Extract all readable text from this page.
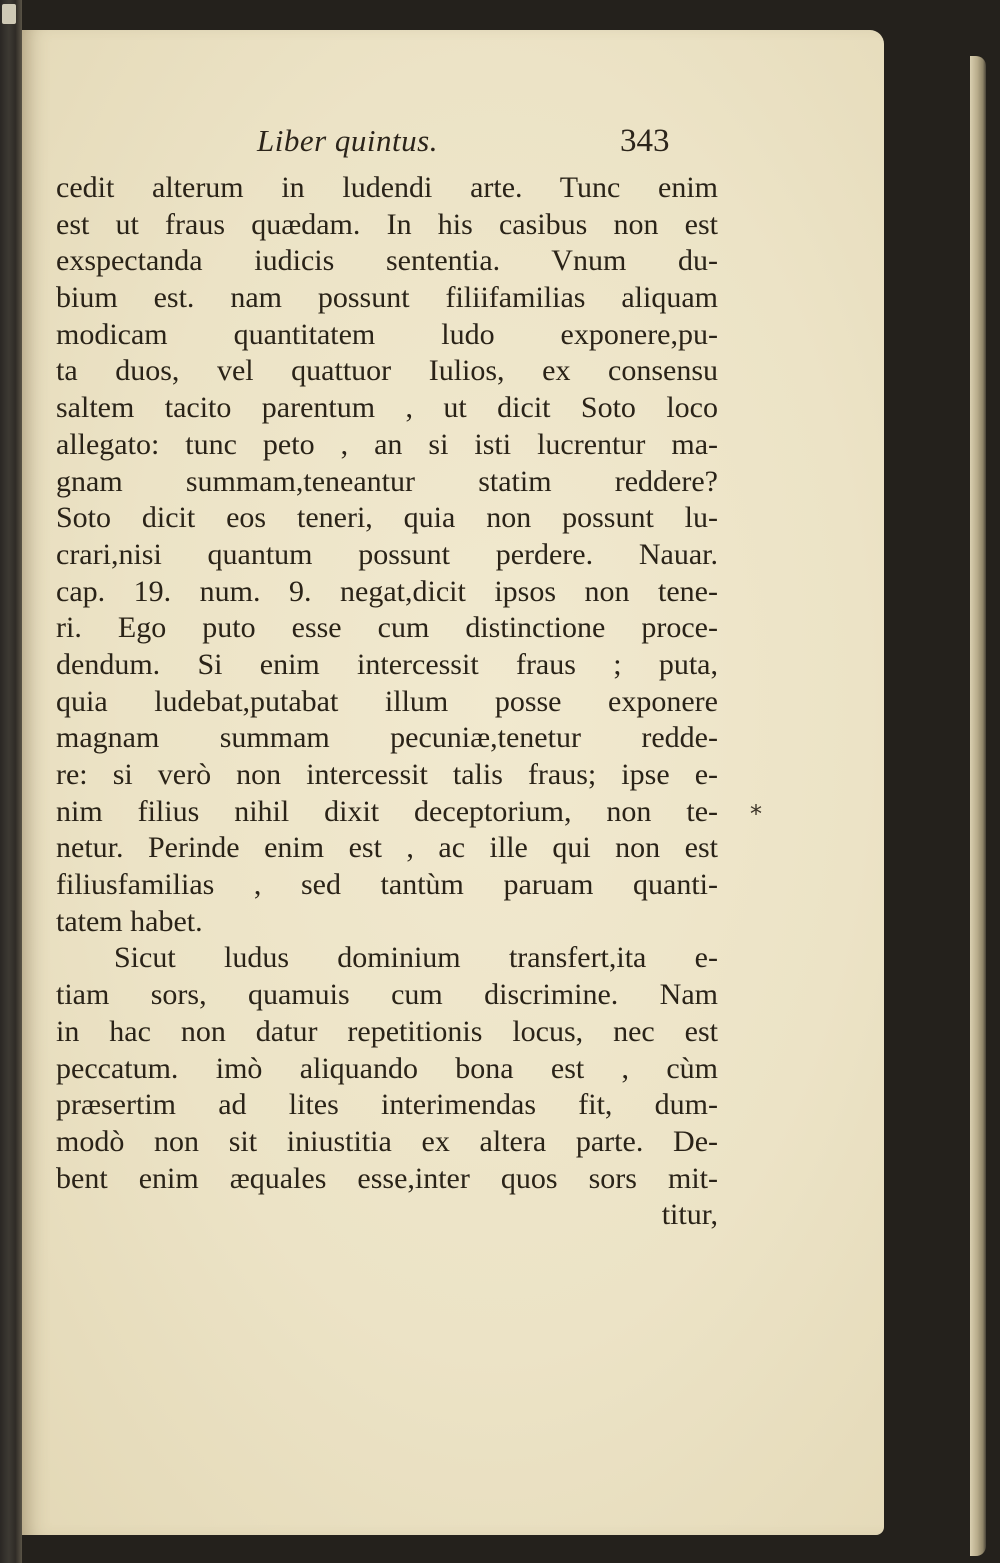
Liber quintus.	343
cedit alterum in ludendi arte. Tunc enim
est ut fraus quædam. In his casibus non est
exspectanda iudicis sententia. Vnum du-
bium est. nam possunt filiifamilias aliquam
modicam quantitatem ludo exponere,pu-
ta duos, vel quattuor Iulios, ex consensu
saltem tacito parentum , ut dicit Soto loco
allegato: tunc peto , an si isti lucrentur ma-
gnam summam,teneantur statim reddere?
Soto dicit eos teneri, quia non possunt lu-
crari,nisi quantum possunt perdere. Nauar.
cap. 19. num. 9. negat,dicit ipsos non tene-
ri. Ego puto esse cum distinctione proce-
dendum. Si enim intercessit fraus ; puta,
quia ludebat,putabat illum posse exponere
magnam summam pecuniæ,tenetur redde-
re: si verò non intercessit talis fraus; ipse e-
nim filius nihil dixit deceptorium, non te-
netur. Perinde enim est , ac ille qui non est
filiusfamilias , sed tantùm paruam quanti-
tatem habet.
Sicut ludus dominium transfert,ita e-
tiam sors, quamuis cum discrimine. Nam
in hac non datur repetitionis locus, nec est
peccatum. imò aliquando bona est , cùm
præsertim ad lites interimendas fit, dum-
modò non sit iniustitia ex altera parte. De-
bent enim æquales esse,inter quos sors mit-
titur,
*
